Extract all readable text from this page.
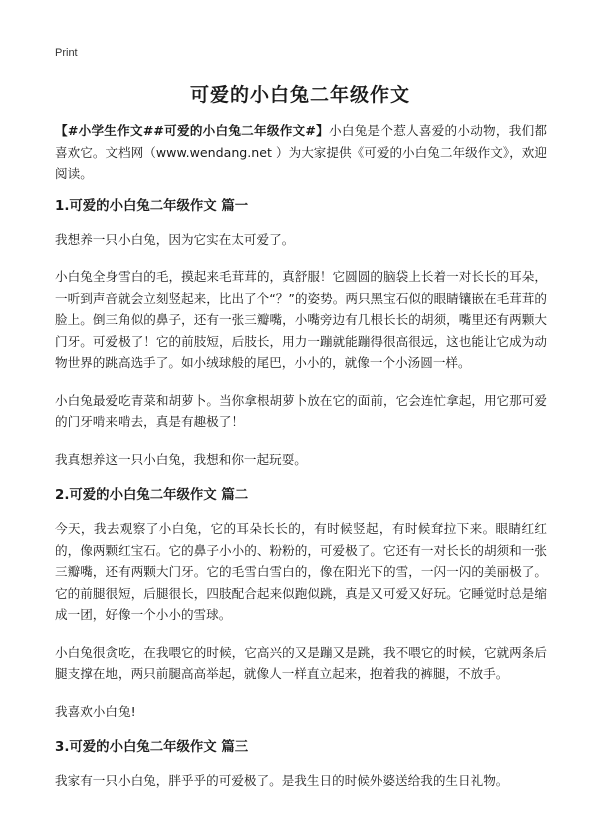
Print
可爱的小白兔二年级作文

【#小学生作文##可爱的小白兔二年级作文#】小白兔是个惹人喜爱的小动物，我们都喜欢它。文档网（www.wendang.net ）为大家提供《可爱的小白兔二年级作文》，欢迎阅读。

1.可爱的小白兔二年级作文 篇一

我想养一只小白兔，因为它实在太可爱了。

小白兔全身雪白的毛，摸起来毛茸茸的，真舒服！它圆圆的脑袋上长着一对长长的耳朵，一听到声音就会立刻竖起来，比出了个“？”的姿势。两只黑宝石似的眼睛镶嵌在毛茸茸的脸上。倒三角似的鼻子，还有一张三瓣嘴，小嘴旁边有几根长长的胡须，嘴里还有两颗大门牙。可爱极了！它的前肢短，后肢长，用力一蹦就能蹦得很高很远，这也能让它成为动物世界的跳高选手了。如小绒球般的尾巴，小小的，就像一个小汤圆一样。

小白兔最爱吃青菜和胡萝卜。当你拿根胡萝卜放在它的面前，它会连忙拿起，用它那可爱的门牙啃来啃去，真是有趣极了！

我真想养这一只小白兔，我想和你一起玩耍。

2.可爱的小白兔二年级作文 篇二

今天，我去观察了小白兔，它的耳朵长长的，有时候竖起，有时候耷拉下来。眼睛红红的，像两颗红宝石。它的鼻子小小的、粉粉的，可爱极了。它还有一对长长的胡须和一张三瓣嘴，还有两颗大门牙。它的毛雪白雪白的，像在阳光下的雪，一闪一闪的美丽极了。它的前腿很短，后腿很长，四肢配合起来似跑似跳，真是又可爱又好玩。它睡觉时总是缩成一团，好像一个小小的雪球。

小白兔很贪吃，在我喂它的时候，它高兴的又是蹦又是跳，我不喂它的时候，它就两条后腿支撑在地，两只前腿高高举起，就像人一样直立起来，抱着我的裤腿，不放手。

我喜欢小白兔!

3.可爱的小白兔二年级作文 篇三

我家有一只小白兔，胖乎乎的可爱极了。是我生日的时候外婆送给我的生日礼物。
